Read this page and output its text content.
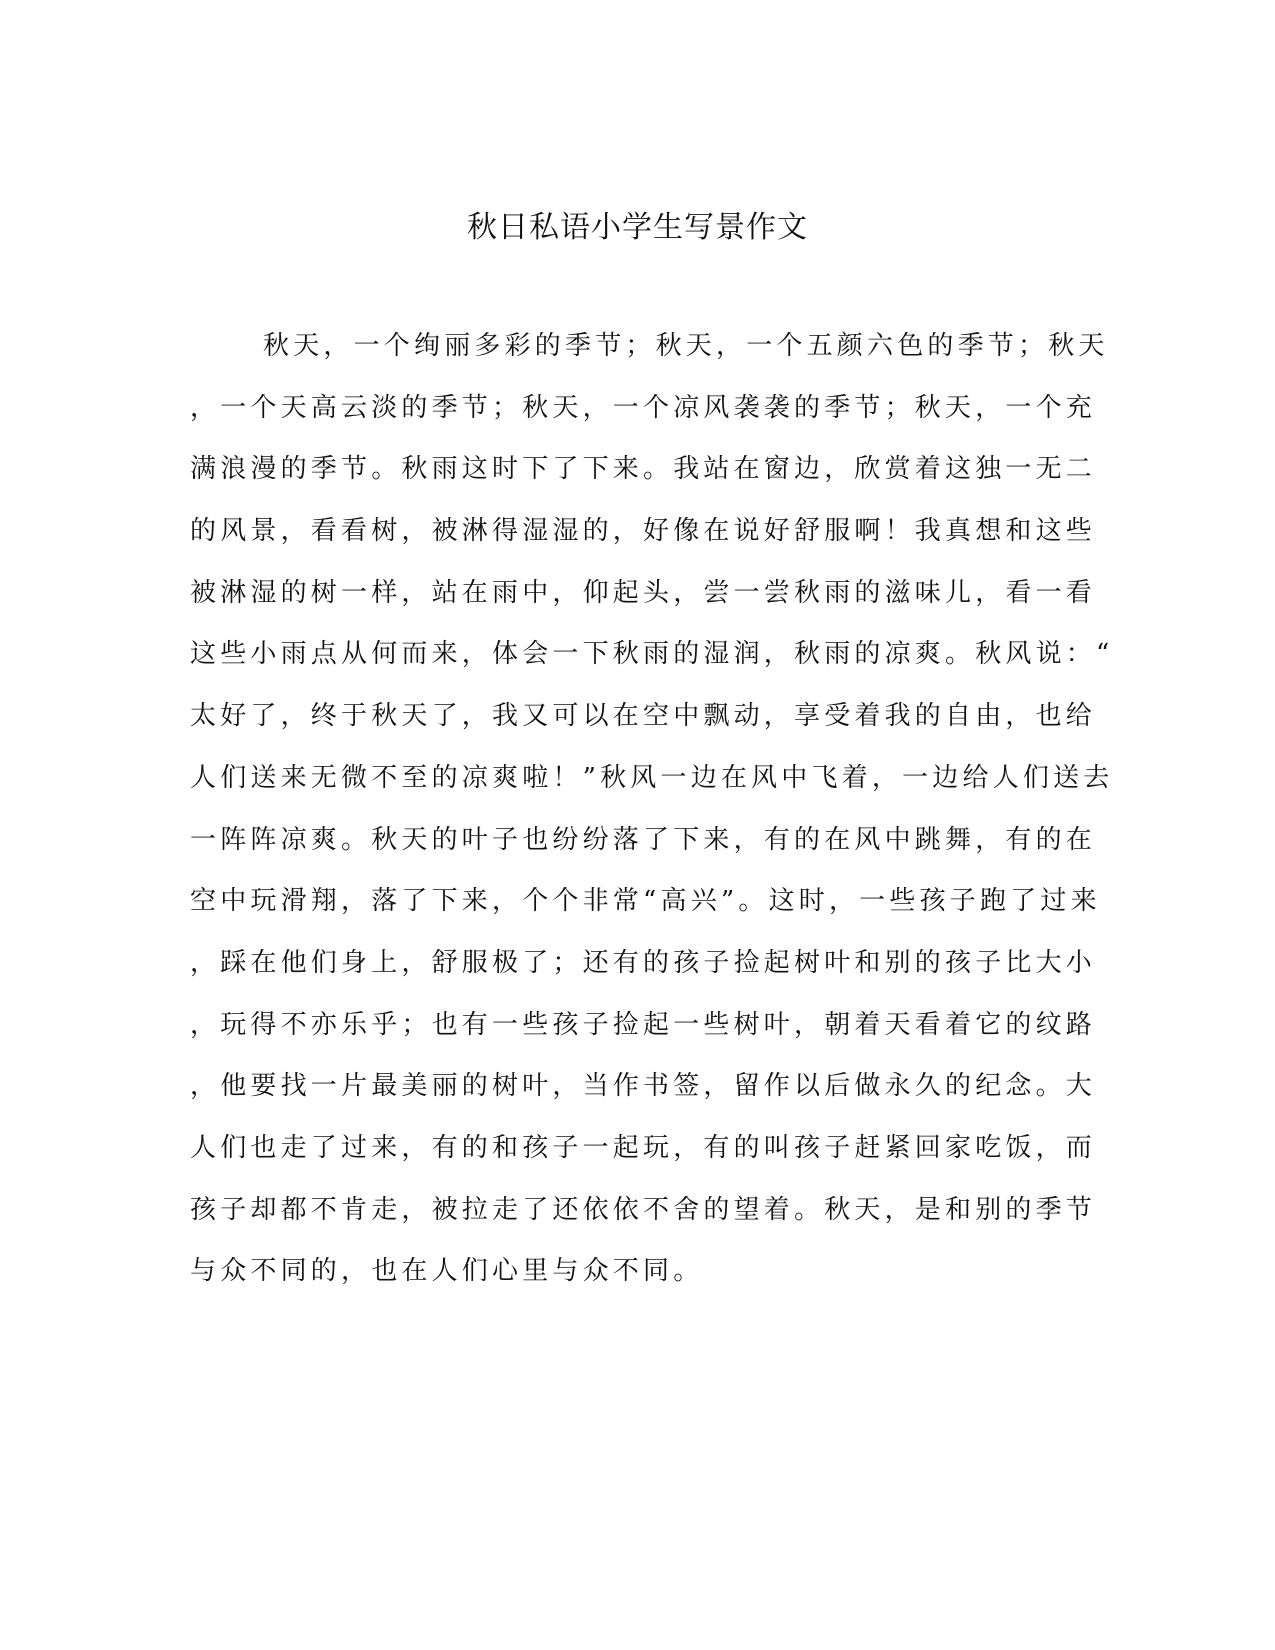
秋日私语小学生写景作文
秋天，一个绚丽多彩的季节；秋天，一个五颜六色的季节；秋天
，一个天高云淡的季节；秋天，一个凉风袭袭的季节；秋天，一个充
满浪漫的季节。秋雨这时下了下来。我站在窗边，欣赏着这独一无二
的风景，看看树，被淋得湿湿的，好像在说好舒服啊！我真想和这些
被淋湿的树一样，站在雨中，仰起头，尝一尝秋雨的滋味儿，看一看
这些小雨点从何而来，体会一下秋雨的湿润，秋雨的凉爽。秋风说：“
太好了，终于秋天了，我又可以在空中飘动，享受着我的自由，也给
人们送来无微不至的凉爽啦！”秋风一边在风中飞着，一边给人们送去
一阵阵凉爽。秋天的叶子也纷纷落了下来，有的在风中跳舞，有的在
空中玩滑翔，落了下来，个个非常“高兴”。这时，一些孩子跑了过来
，踩在他们身上，舒服极了；还有的孩子捡起树叶和别的孩子比大小
，玩得不亦乐乎；也有一些孩子捡起一些树叶，朝着天看着它的纹路
，他要找一片最美丽的树叶，当作书签，留作以后做永久的纪念。大
人们也走了过来，有的和孩子一起玩，有的叫孩子赶紧回家吃饭，而
孩子却都不肯走，被拉走了还依依不舍的望着。秋天，是和别的季节
与众不同的，也在人们心里与众不同。
